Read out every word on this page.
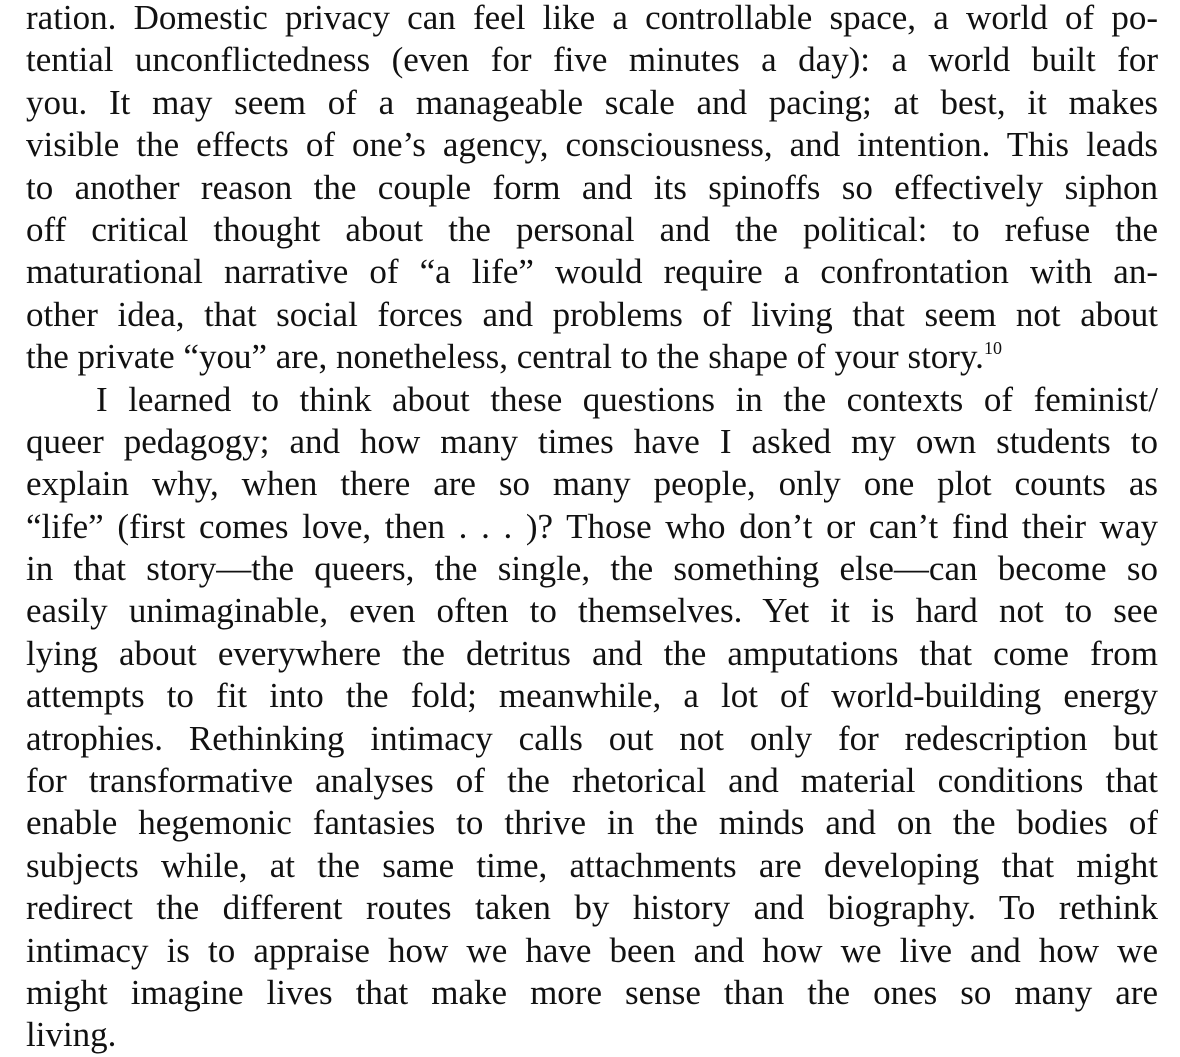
ration. Domestic privacy can feel like a controllable space, a world of po-
tential unconflictedness (even for five minutes a day): a world built for
you. It may seem of a manageable scale and pacing; at best, it makes
visible the effects of one’s agency, consciousness, and intention. This leads
to another reason the couple form and its spinoffs so effectively siphon
off critical thought about the personal and the political: to refuse the
maturational narrative of “a life” would require a confrontation with an-
other idea, that social forces and problems of living that seem not about
the private “you” are, nonetheless, central to the shape of your story.$^{10}$
I learned to think about these questions in the contexts of feminist/
queer pedagogy; and how many times have I asked my own students to
explain why, when there are so many people, only one plot counts as
“life” (first comes love, then . . . )? Those who don’t or can’t find their way
in that story—the queers, the single, the something else—can become so
easily unimaginable, even often to themselves. Yet it is hard not to see
lying about everywhere the detritus and the amputations that come from
attempts to fit into the fold; meanwhile, a lot of world-building energy
atrophies. Rethinking intimacy calls out not only for redescription but
for transformative analyses of the rhetorical and material conditions that
enable hegemonic fantasies to thrive in the minds and on the bodies of
subjects while, at the same time, attachments are developing that might
redirect the different routes taken by history and biography. To rethink
intimacy is to appraise how we have been and how we live and how we
might imagine lives that make more sense than the ones so many are
living.
